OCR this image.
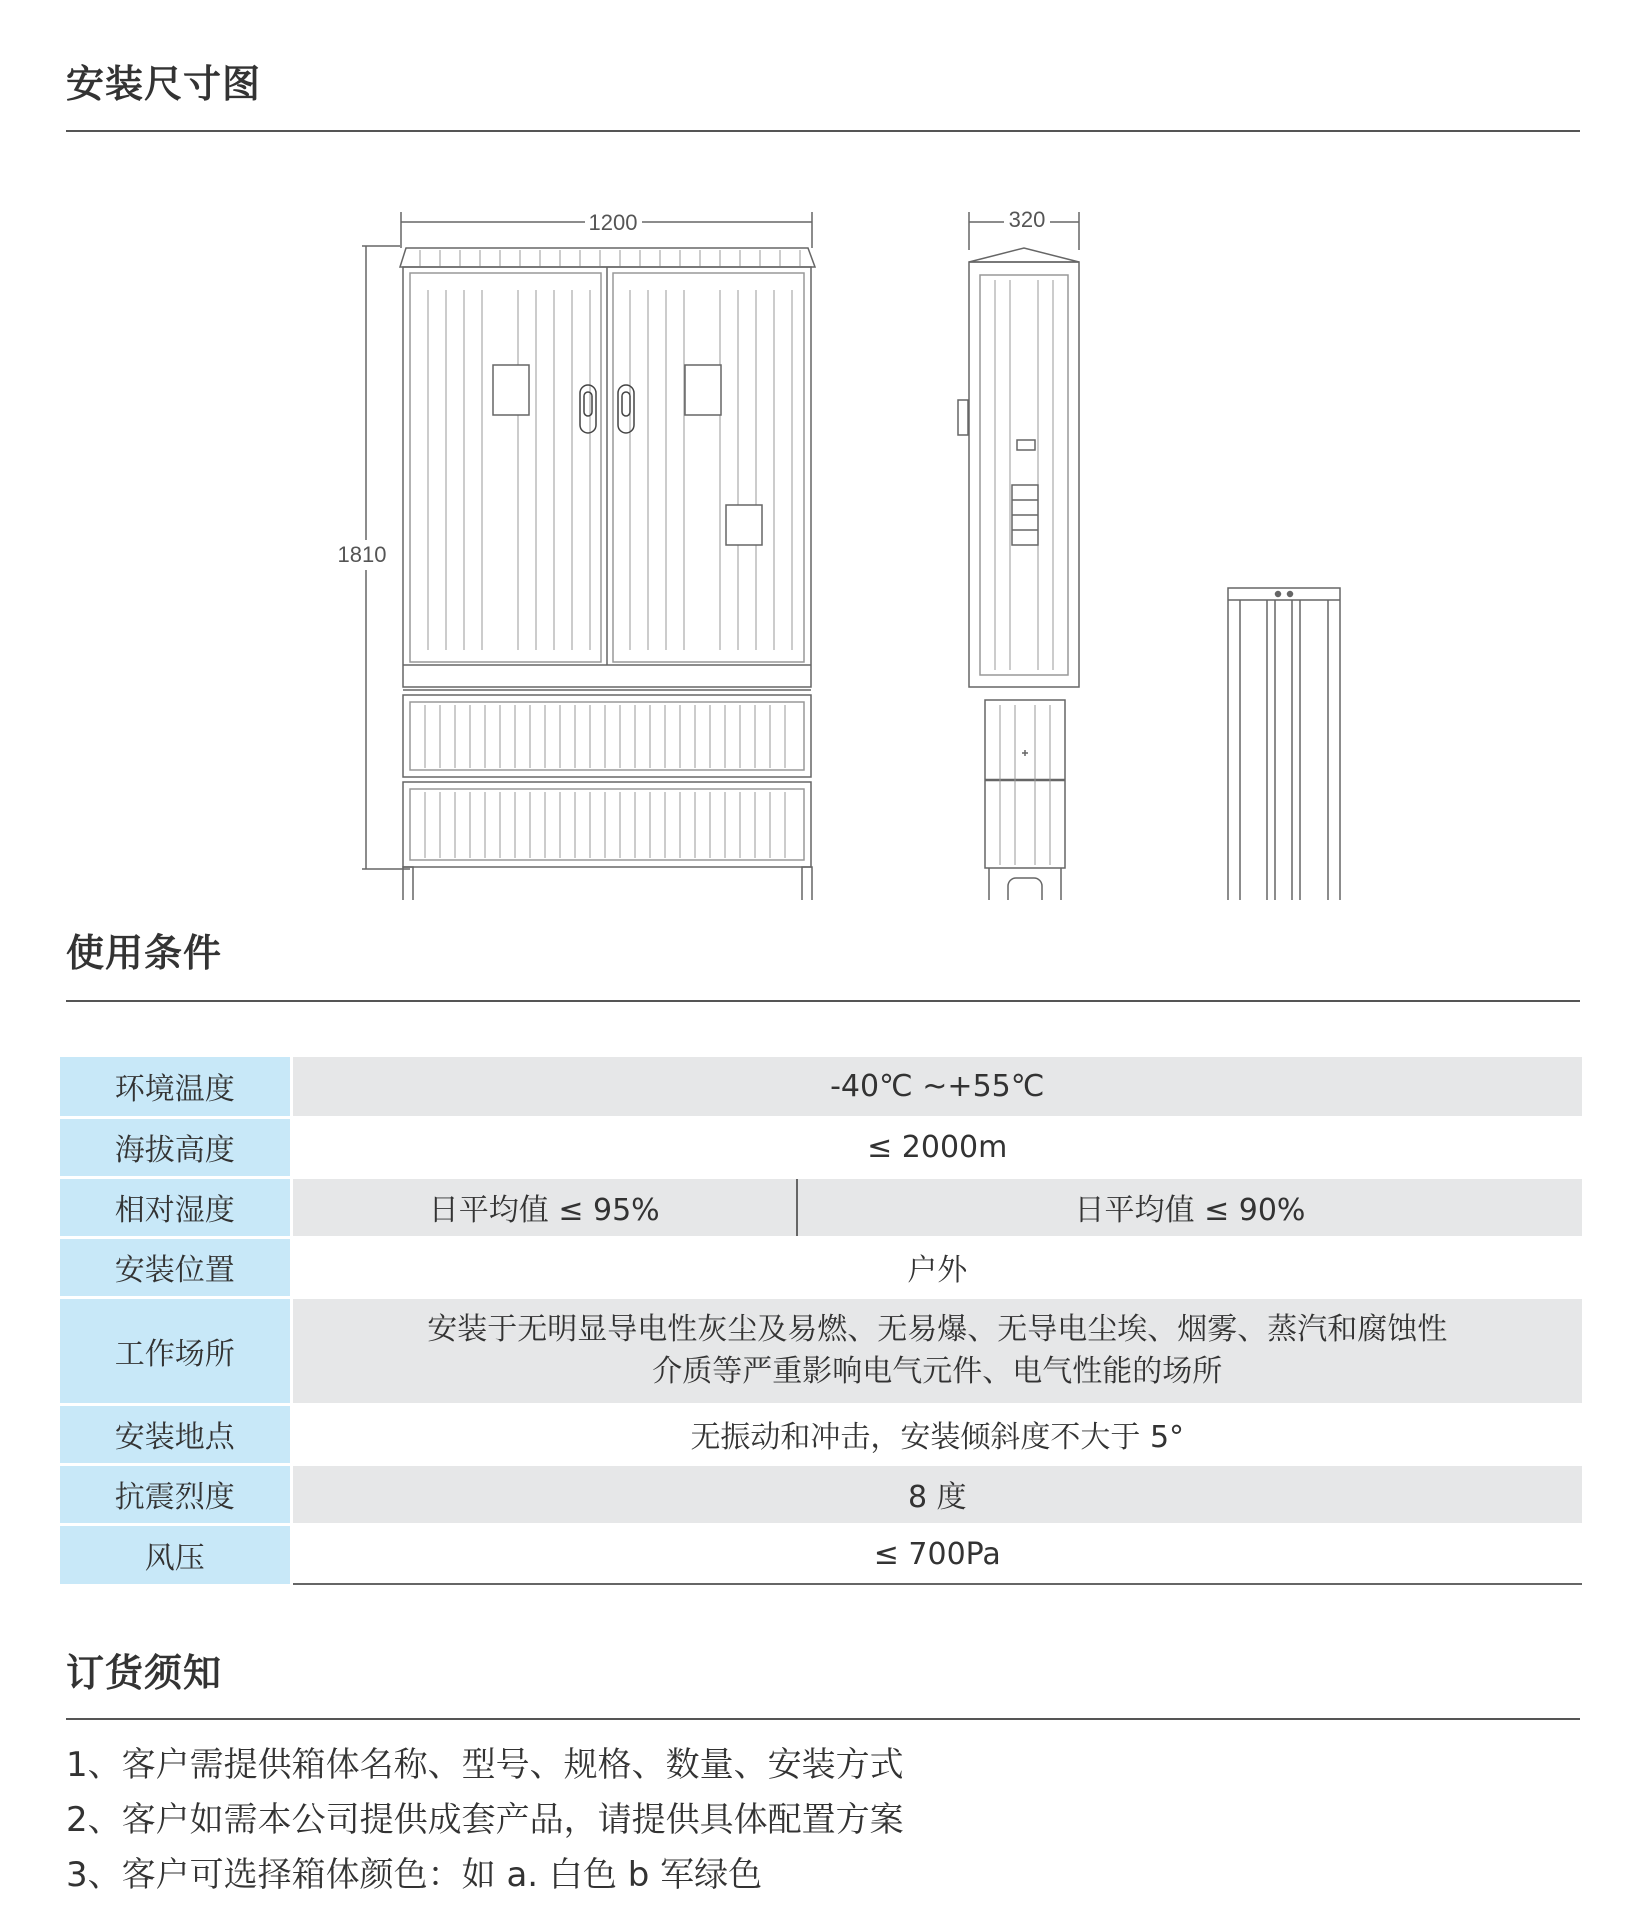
安装尺寸图
1200
1810
320
使用条件
环境温度	-40℃ ~+55℃	
海拔高度	≤ 2000m	
相对湿度	日平均值 ≤ 95%	日平均值 ≤ 90%
安装位置	户外	
工作场所	安装于无明显导电性灰尘及易燃、无易爆、无导电尘埃、烟雾、蒸汽和腐蚀性
介质等严重影响电气元件、电气性能的场所	

安装地点	无振动和冲击，安装倾斜度不大于 5°	
抗震烈度	8 度	
风压	≤ 700Pa	
订货须知
1、客户需提供箱体名称、型号、规格、数量、安装方式
2、客户如需本公司提供成套产品，请提供具体配置方案
3、客户可选择箱体颜色：如 a. 白色 b 军绿色
